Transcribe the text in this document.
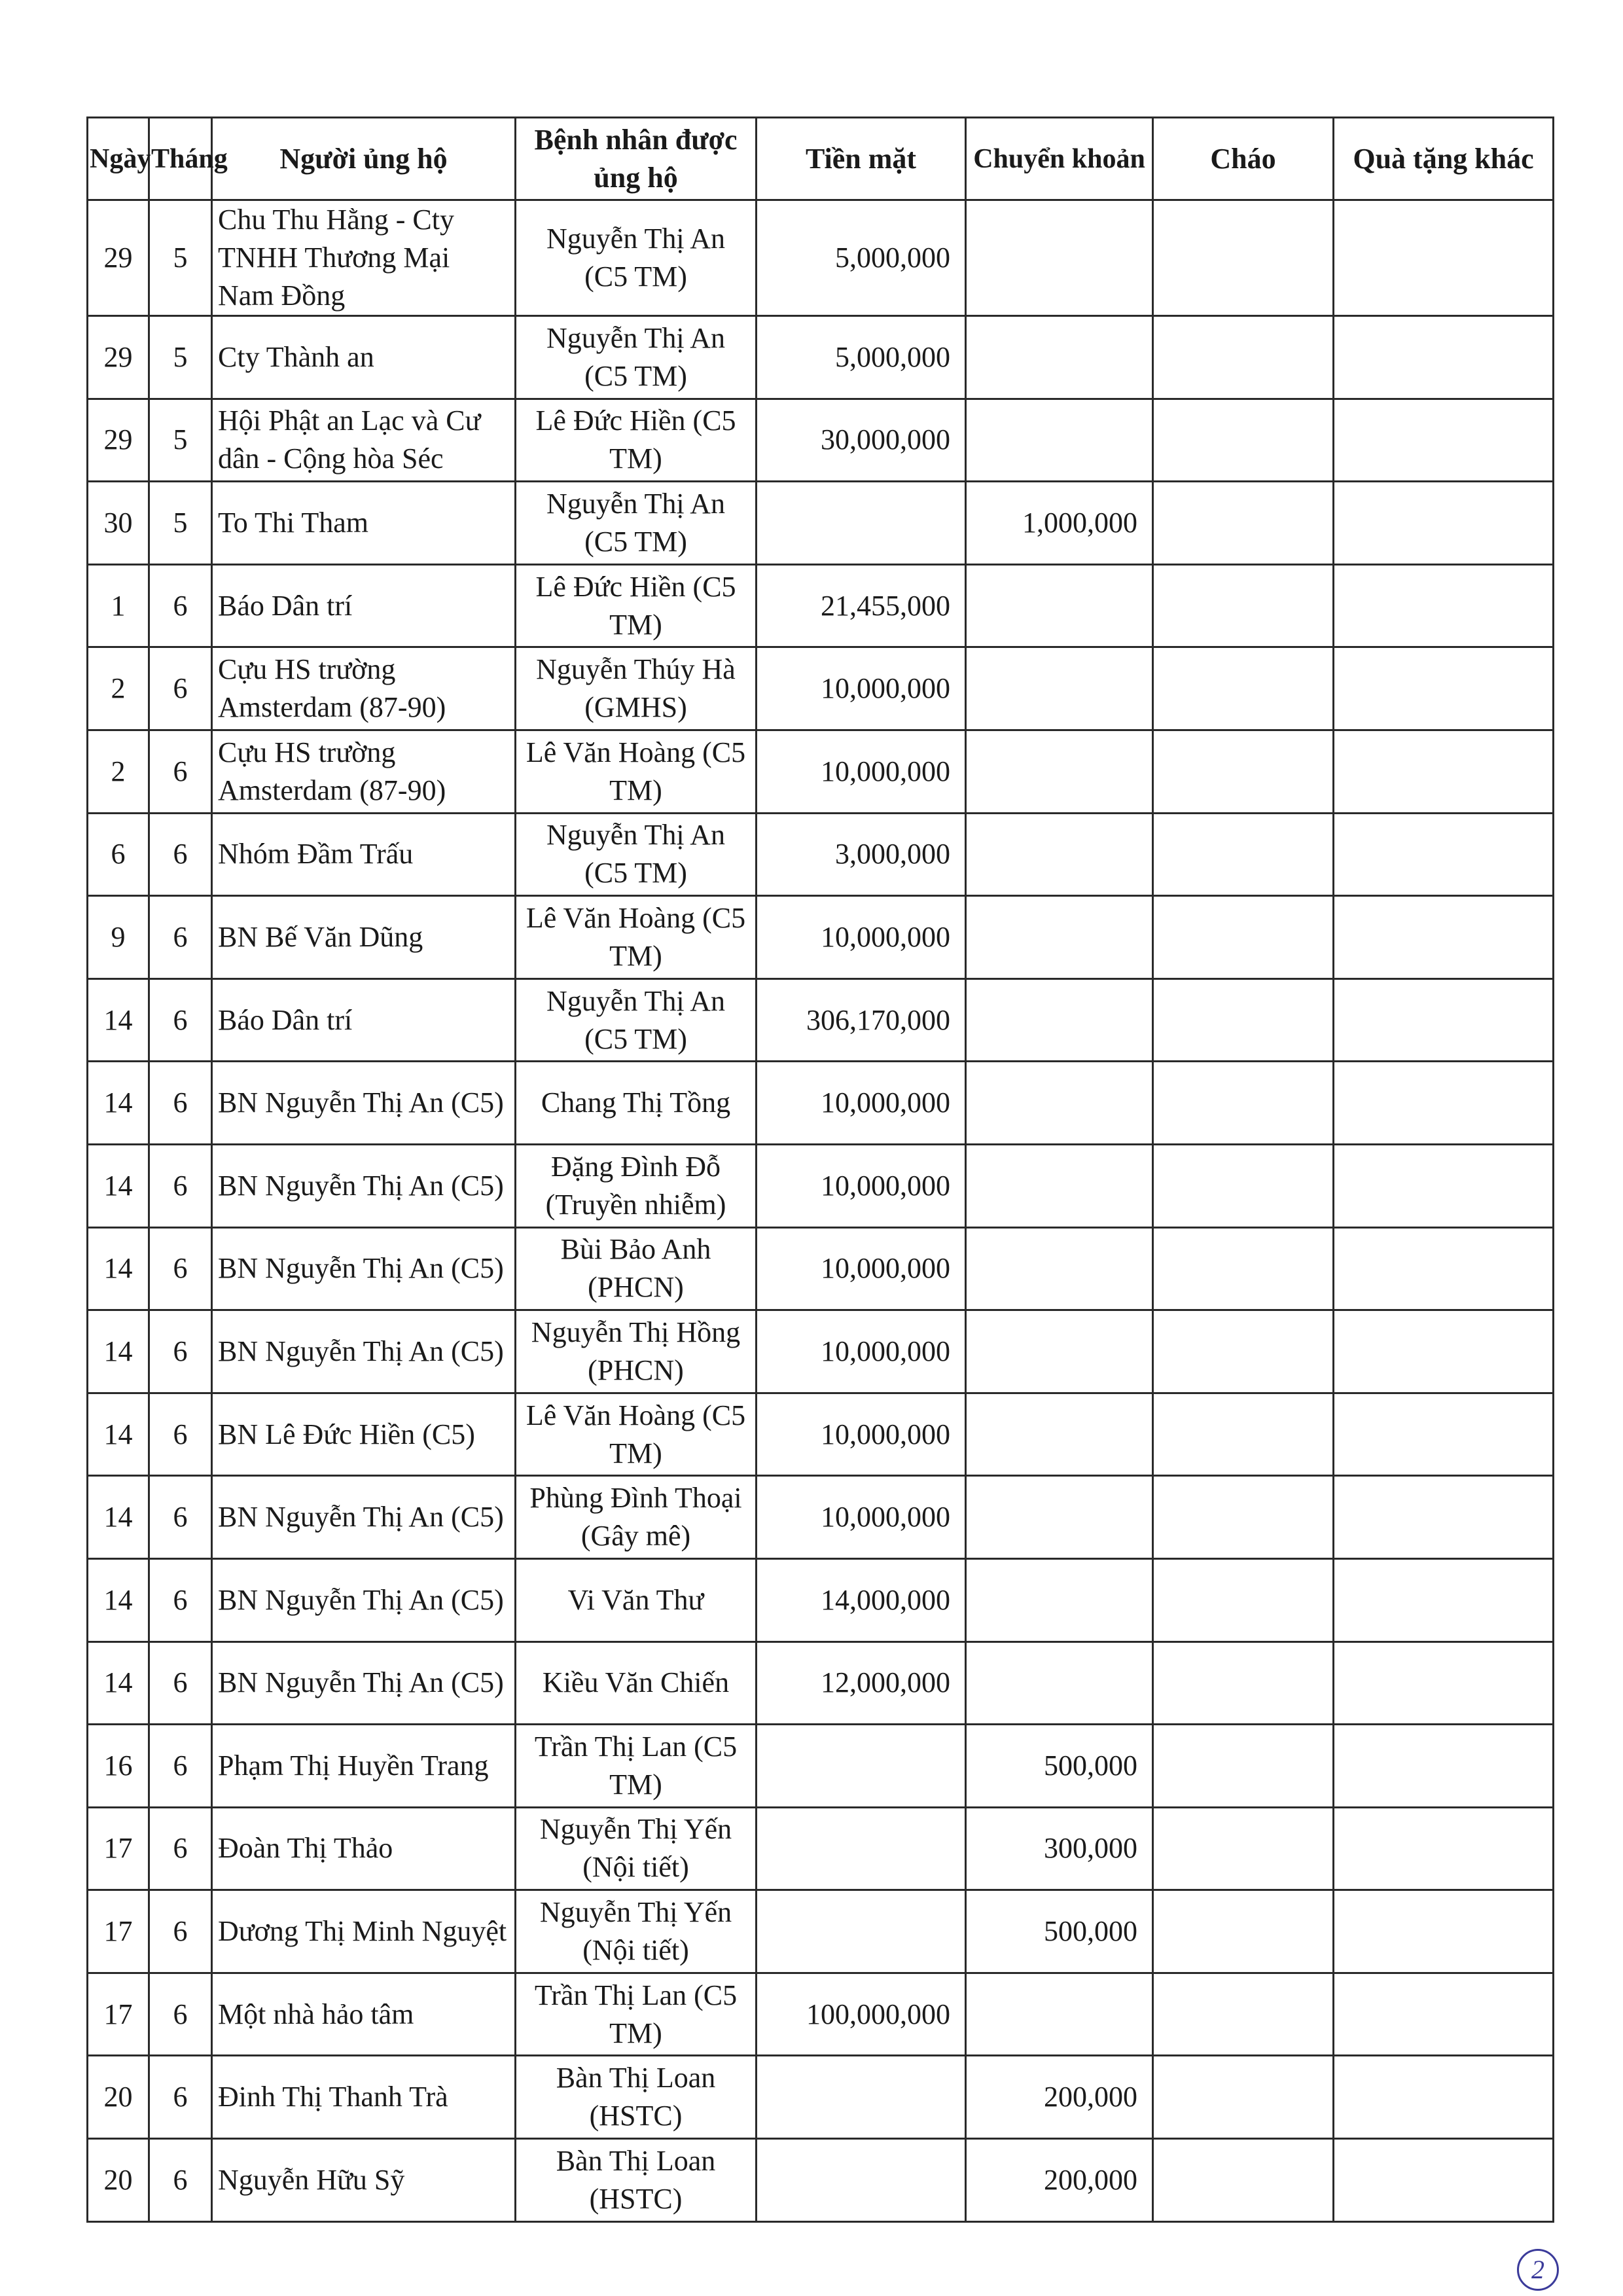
Ngày	Tháng	Người ủng hộ	Bệnh nhân được ủng hộ	Tiền mặt	Chuyển khoản	Cháo	Quà tặng khác
29	5	Chu Thu Hằng - Cty TNHH Thương Mại Nam Đồng	Nguyễn Thị An (C5 TM)	5,000,000			
29	5	Cty Thành an	Nguyễn Thị An (C5 TM)	5,000,000			
29	5	Hội Phật an Lạc và Cư dân - Cộng hòa Séc	Lê Đức Hiền (C5 TM)	30,000,000			
30	5	To Thi Tham	Nguyễn Thị An (C5 TM)		1,000,000		
1	6	Báo Dân trí	Lê Đức Hiền (C5 TM)	21,455,000			
2	6	Cựu HS trường Amsterdam (87-90)	Nguyễn Thúy Hà (GMHS)	10,000,000			
2	6	Cựu HS trường Amsterdam (87-90)	Lê Văn Hoàng (C5 TM)	10,000,000			
6	6	Nhóm Đầm Trấu	Nguyễn Thị An (C5 TM)	3,000,000			
9	6	BN Bế Văn Dũng	Lê Văn Hoàng (C5 TM)	10,000,000			
14	6	Báo Dân trí	Nguyễn Thị An (C5 TM)	306,170,000			
14	6	BN Nguyễn Thị An (C5)	Chang Thị Tồng	10,000,000			
14	6	BN Nguyễn Thị An (C5)	Đặng Đình Đỗ (Truyền nhiễm)	10,000,000			
14	6	BN Nguyễn Thị An (C5)	Bùi Bảo Anh (PHCN)	10,000,000			
14	6	BN Nguyễn Thị An (C5)	Nguyễn Thị Hồng (PHCN)	10,000,000			
14	6	BN Lê Đức Hiền (C5)	Lê Văn Hoàng (C5 TM)	10,000,000			
14	6	BN Nguyễn Thị An (C5)	Phùng Đình Thoại (Gây mê)	10,000,000			
14	6	BN Nguyễn Thị An (C5)	Vi Văn Thư	14,000,000			
14	6	BN Nguyễn Thị An (C5)	Kiều Văn Chiến	12,000,000			
16	6	Phạm Thị Huyền Trang	Trần Thị Lan (C5 TM)		500,000		
17	6	Đoàn Thị Thảo	Nguyễn Thị Yến (Nội tiết)		300,000		
17	6	Dương Thị Minh Nguyệt	Nguyễn Thị Yến (Nội tiết)		500,000		
17	6	Một nhà hảo tâm	Trần Thị Lan (C5 TM)	100,000,000			
20	6	Đinh Thị Thanh Trà	Bàn Thị Loan (HSTC)		200,000		
20	6	Nguyễn Hữu Sỹ	Bàn Thị Loan (HSTC)		200,000		
2
